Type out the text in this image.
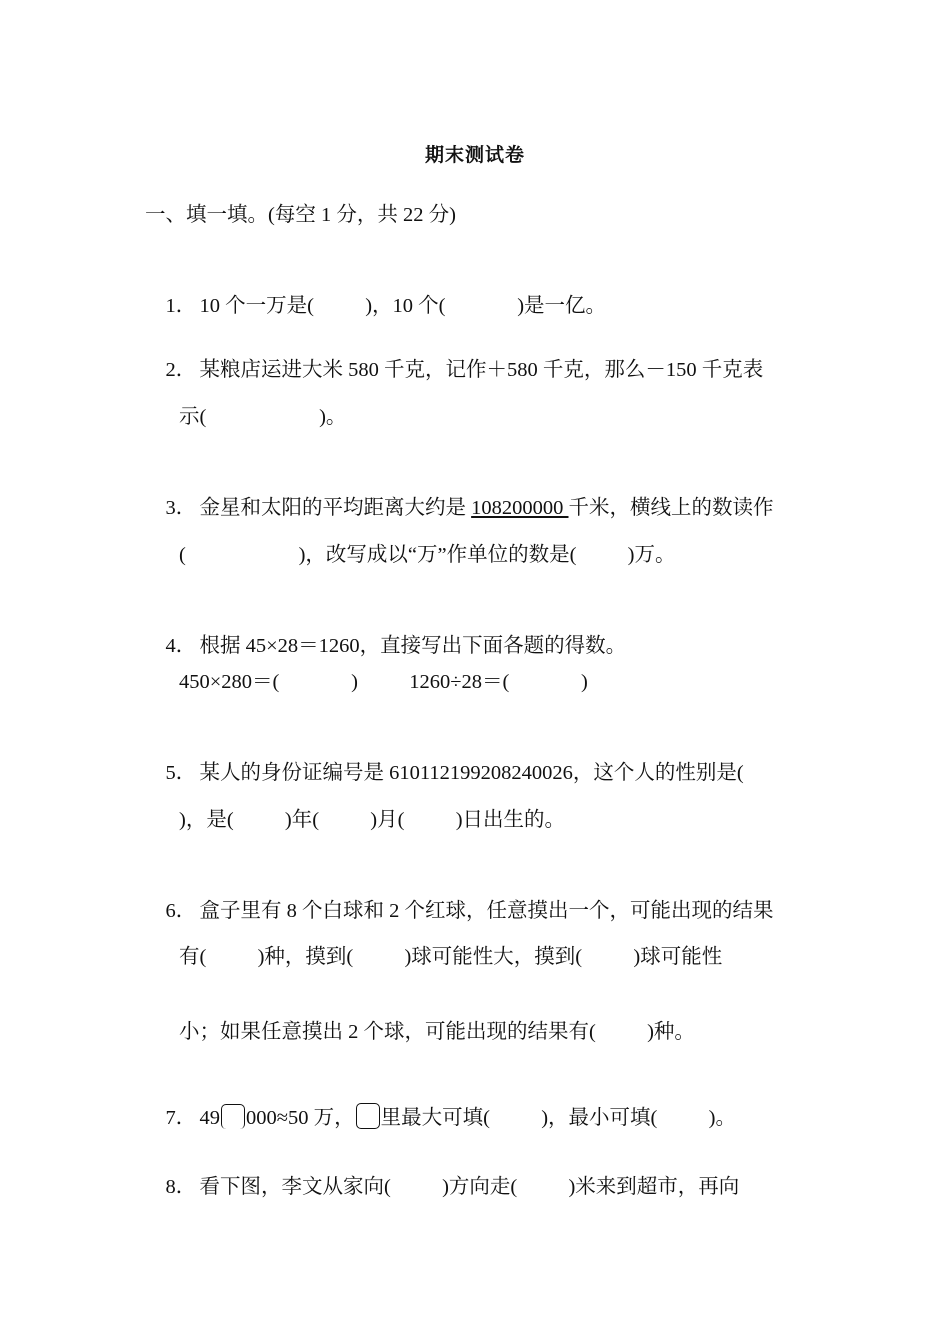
期末测试卷
一、填一填。(每空 1 分，共 22 分)

1． 10 个一万是(          )，10 个(              )是一亿。

2． 某粮店运进大米 580 千克，记作＋580 千克，那么－150 千克表

示(                      )。

3． 金星和太阳的平均距离大约是 108200000 千米，横线上的数读作

(                      )，改写成以“万”作单位的数是(          )万。

4． 根据 45×28＝1260，直接写出下面各题的得数。

450×280＝(              )          1260÷28＝(              )

5． 某人的身份证编号是 610112199208240026，这个人的性别是(

)，是(          )年(          )月(          )日出生的。

6． 盒子里有 8 个白球和 2 个红球，任意摸出一个，可能出现的结果

有(          )种，摸到(          )球可能性大，摸到(          )球可能性
小；如果任意摸出 2 个球，可能出现的结果有(          )种。

7． 49 000≈50 万， 里最大可填(          )，最小可填(          )。

8． 看下图，李文从家向(          )方向走(          )米来到超市，再向
